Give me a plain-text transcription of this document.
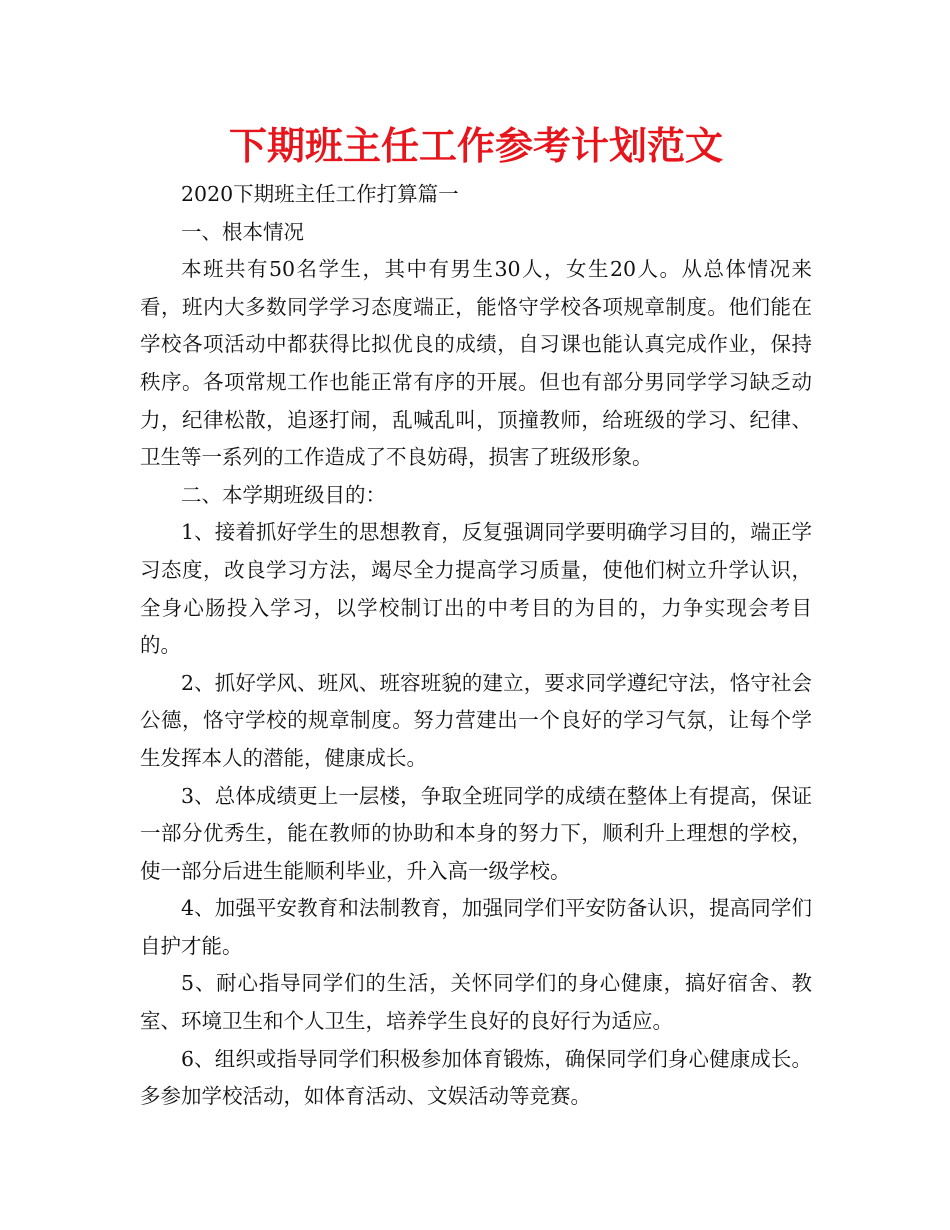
下期班主任工作参考计划范文

2020下期班主任工作打算篇一

一、根本情况

本班共有50名学生，其中有男生30人，女生20人。从总体情况来看，班内大多数同学学习态度端正，能恪守学校各项规章制度。他们能在学校各项活动中都获得比拟优良的成绩，自习课也能认真完成作业，保持秩序。各项常规工作也能正常有序的开展。但也有部分男同学学习缺乏动力，纪律松散，追逐打闹，乱喊乱叫，顶撞教师，给班级的学习、纪律、卫生等一系列的工作造成了不良妨碍，损害了班级形象。

二、本学期班级目的：

1、接着抓好学生的思想教育，反复强调同学要明确学习目的，端正学习态度，改良学习方法，竭尽全力提高学习质量，使他们树立升学认识，全身心肠投入学习，以学校制订出的中考目的为目的，力争实现会考目的。

2、抓好学风、班风、班容班貌的建立，要求同学遵纪守法，恪守社会公德，恪守学校的规章制度。努力营建出一个良好的学习气氛，让每个学生发挥本人的潜能，健康成长。

3、总体成绩更上一层楼，争取全班同学的成绩在整体上有提高，保证一部分优秀生，能在教师的协助和本身的努力下，顺利升上理想的学校，使一部分后进生能顺利毕业，升入高一级学校。

4、加强平安教育和法制教育，加强同学们平安防备认识，提高同学们自护才能。

5、耐心指导同学们的生活，关怀同学们的身心健康，搞好宿舍、教室、环境卫生和个人卫生，培养学生良好的良好行为适应。

6、组织或指导同学们积极参加体育锻炼，确保同学们身心健康成长。多参加学校活动，如体育活动、文娱活动等竞赛。
